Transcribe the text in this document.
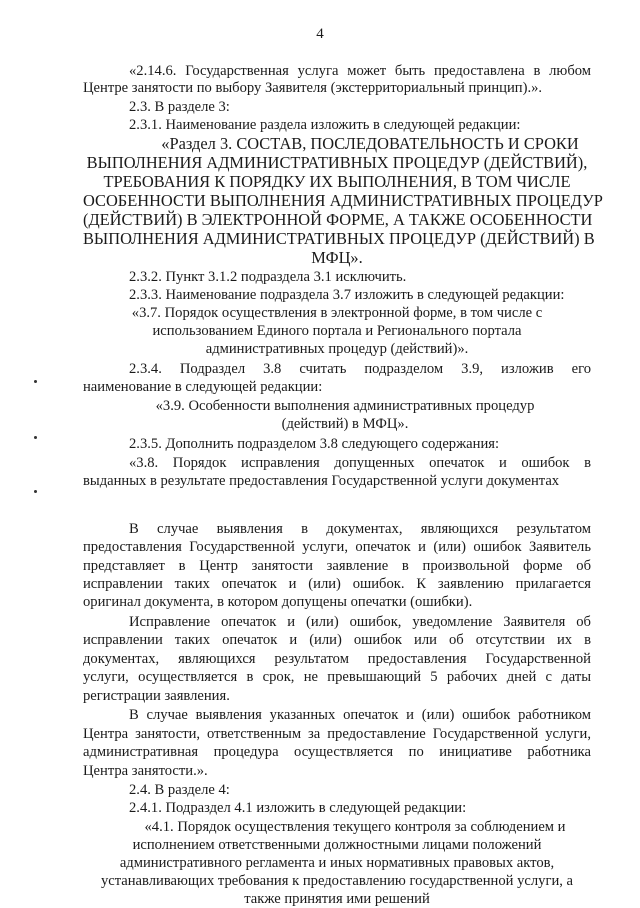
4
«2.14.6. Государственная услуга может быть предоставлена в любом
Центре занятости по выбору Заявителя (экстерриториальный принцип).».
2.3. В разделе 3:
2.3.1. Наименование раздела изложить в следующей редакции:
«Раздел 3. СОСТАВ, ПОСЛЕДОВАТЕЛЬНОСТЬ И СРОКИ
ВЫПОЛНЕНИЯ АДМИНИСТРАТИВНЫХ ПРОЦЕДУР (ДЕЙСТВИЙ),
ТРЕБОВАНИЯ К ПОРЯДКУ ИХ ВЫПОЛНЕНИЯ, В ТОМ ЧИСЛЕ
ОСОБЕННОСТИ ВЫПОЛНЕНИЯ АДМИНИСТРАТИВНЫХ ПРОЦЕДУР
(ДЕЙСТВИЙ) В ЭЛЕКТРОННОЙ ФОРМЕ, А ТАКЖЕ ОСОБЕННОСТИ
ВЫПОЛНЕНИЯ АДМИНИСТРАТИВНЫХ ПРОЦЕДУР (ДЕЙСТВИЙ) В
МФЦ».
2.3.2. Пункт 3.1.2 подраздела 3.1 исключить.
2.3.3. Наименование подраздела 3.7 изложить в следующей редакции:
«3.7. Порядок осуществления в электронной форме, в том числе с
использованием Единого портала и Регионального портала
административных процедур (действий)».
2.3.4. Подраздел 3.8 считать подразделом 3.9, изложив его
наименование в следующей редакции:
«3.9. Особенности выполнения административных процедур
(действий) в МФЦ».
2.3.5. Дополнить подразделом 3.8 следующего содержания:
«3.8. Порядок исправления допущенных опечаток и ошибок в
выданных в результате предоставления Государственной услуги документах
В случае выявления в документах, являющихся результатом
предоставления Государственной услуги, опечаток и (или) ошибок Заявитель
представляет в Центр занятости заявление в произвольной форме об
исправлении таких опечаток и (или) ошибок. К заявлению прилагается
оригинал документа, в котором допущены опечатки (ошибки).
Исправление опечаток и (или) ошибок, уведомление Заявителя об
исправлении таких опечаток и (или) ошибок или об отсутствии их в
документах, являющихся результатом предоставления Государственной
услуги, осуществляется в срок, не превышающий 5 рабочих дней с даты
регистрации заявления.
В случае выявления указанных опечаток и (или) ошибок работником
Центра занятости, ответственным за предоставление Государственной услуги,
административная процедура осуществляется по инициативе работника
Центра занятости.».
2.4. В разделе 4:
2.4.1. Подраздел 4.1 изложить в следующей редакции:
«4.1. Порядок осуществления текущего контроля за соблюдением и
исполнением ответственными должностными лицами положений
административного регламента и иных нормативных правовых актов,
устанавливающих требования к предоставлению государственной услуги, а
также принятия ими решений
